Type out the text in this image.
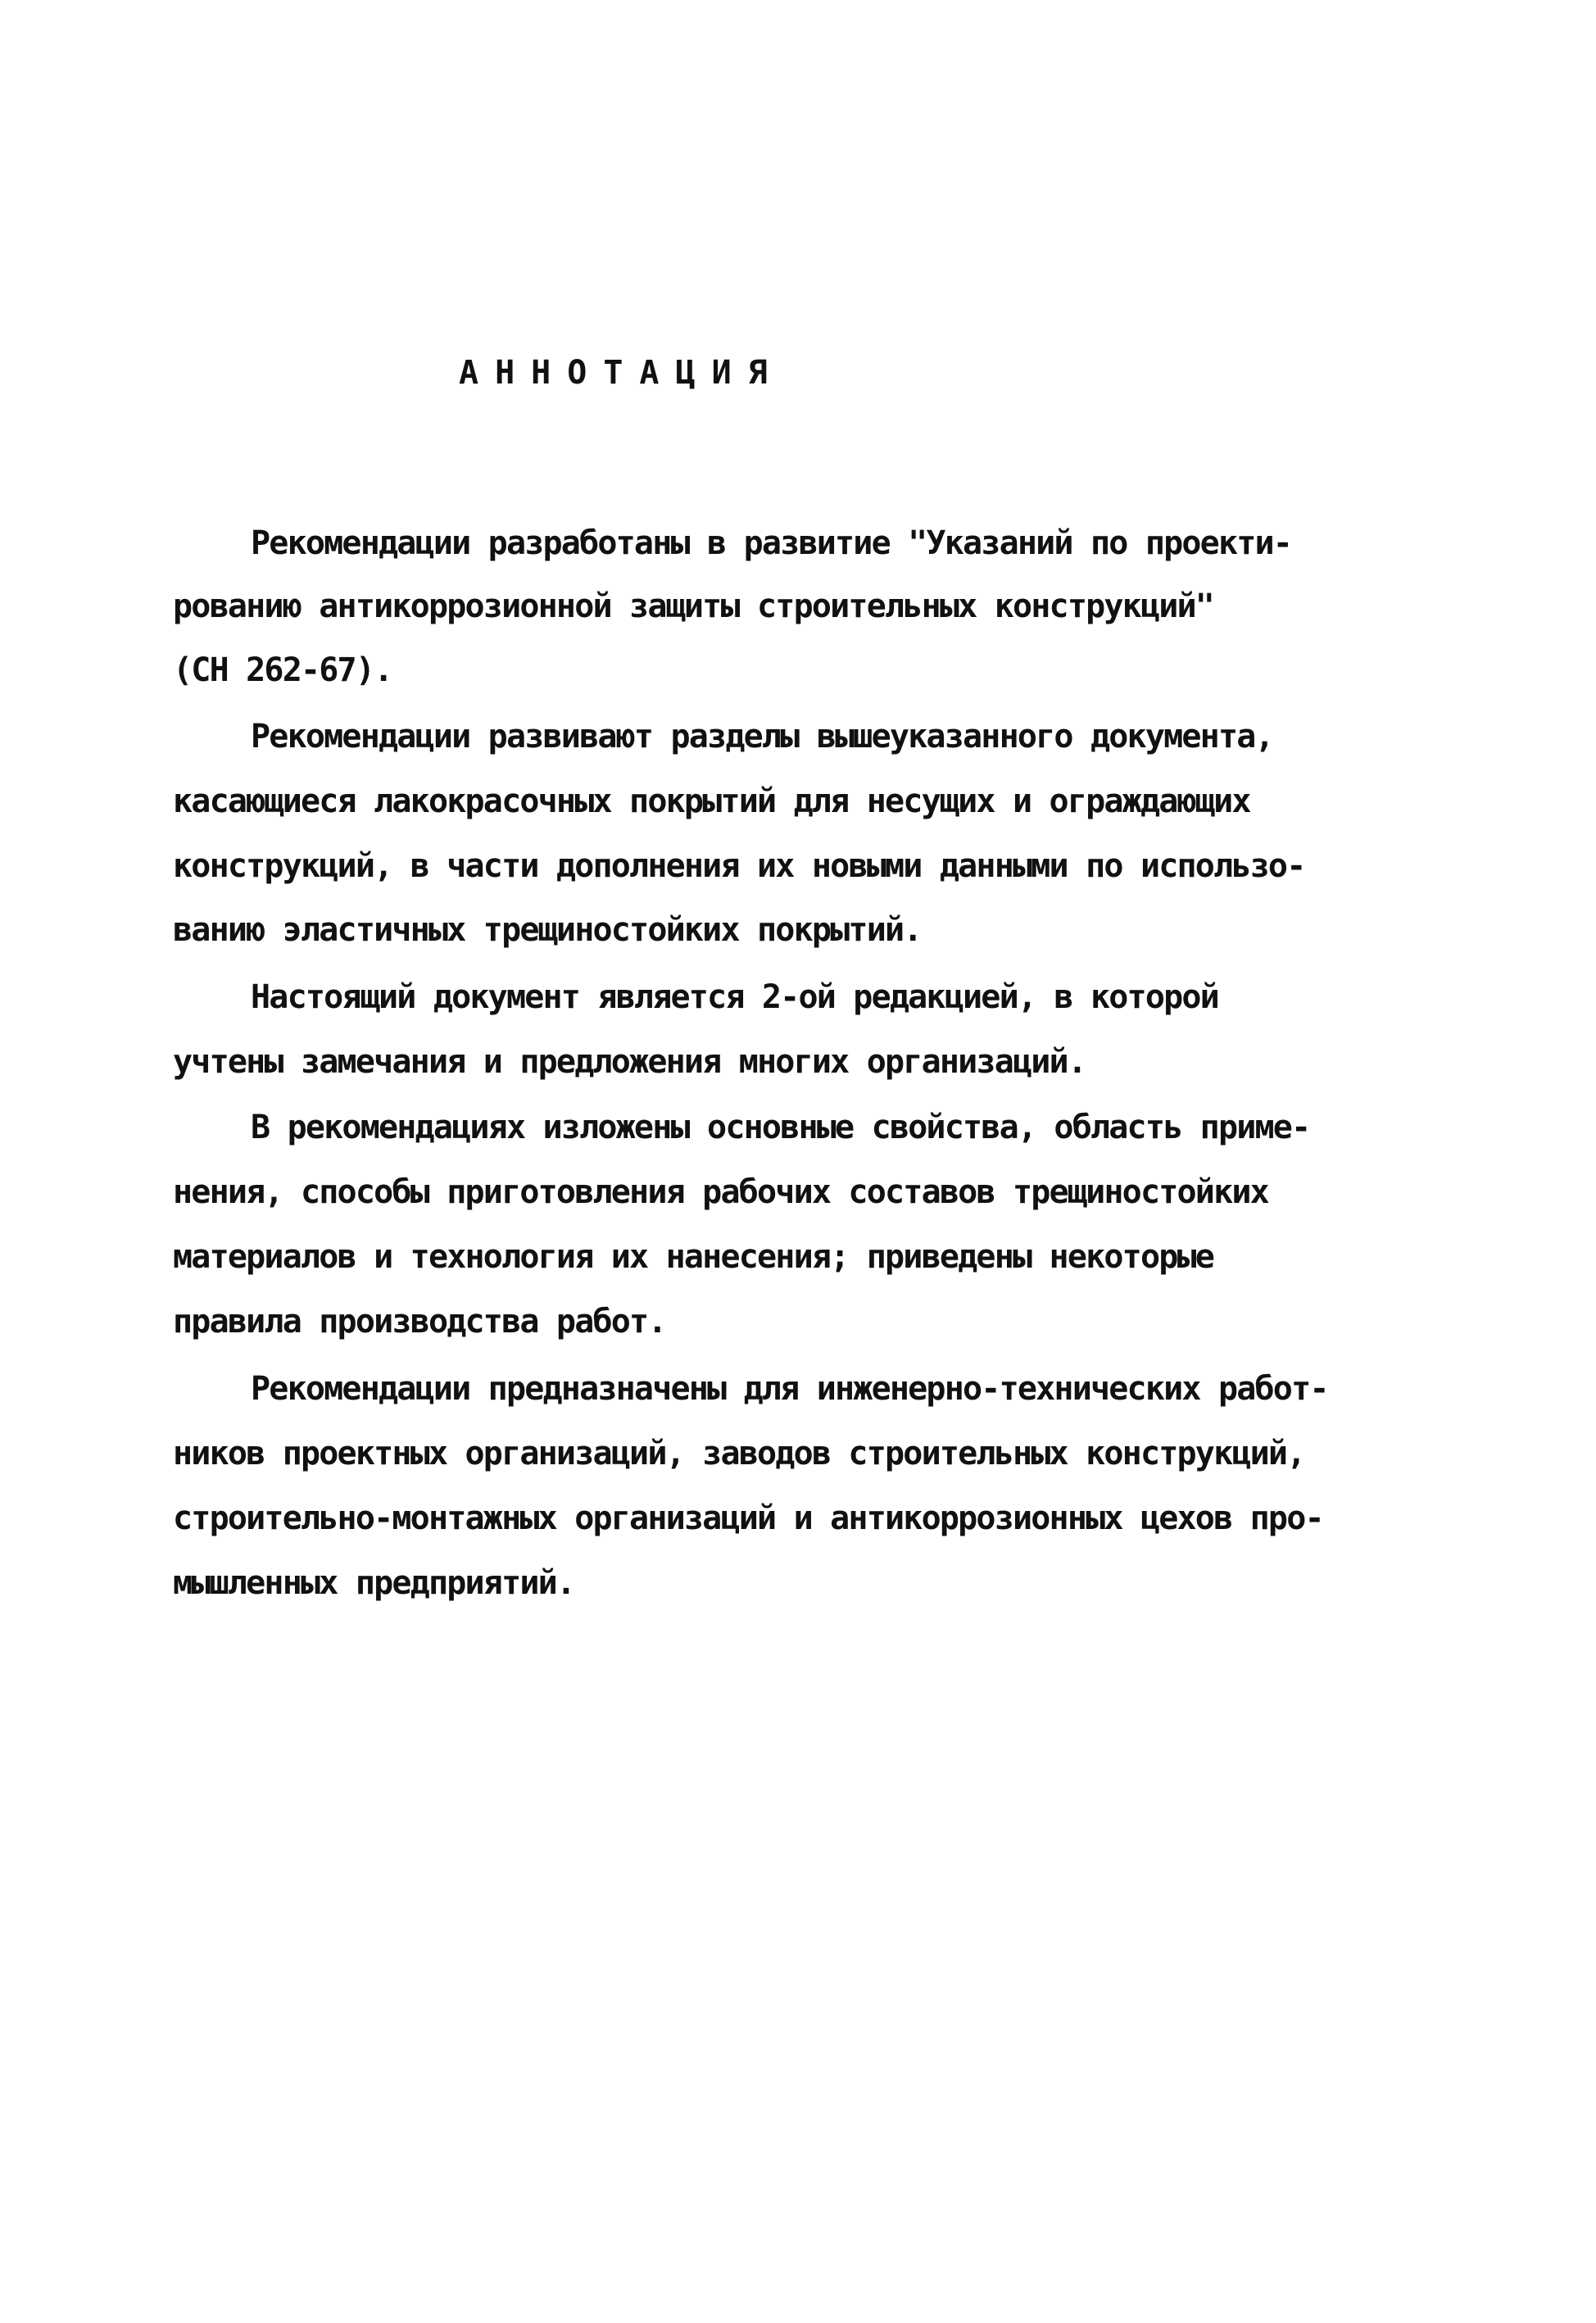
АННОТАЦИЯ
Рекомендации разработаны в развитие "Указаний по проекти-
рованию антикоррозионной защиты строительных конструкций"
(СН 262-67).
Рекомендации развивают разделы вышеуказанного документа,
касающиеся лакокрасочных покрытий для несущих и ограждающих
конструкций, в части дополнения их новыми данными по использо-
ванию эластичных трещиностойких покрытий.
Настоящий документ является 2-ой редакцией, в которой
учтены замечания и предложения многих организаций.
В рекомендациях изложены основные свойства, область приме-
нения, способы приготовления рабочих составов трещиностойких
материалов и технология их нанесения; приведены некоторые
правила производства работ.
Рекомендации предназначены для инженерно-технических работ-
ников проектных организаций, заводов строительных конструкций,
строительно-монтажных организаций и антикоррозионных цехов про-
мышленных предприятий.
